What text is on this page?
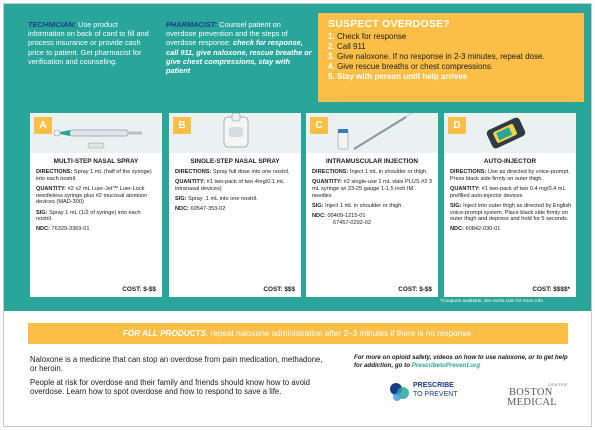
TECHNICIAN: Use product information on back of card to fill and process insurance or provide cash price to patient. Get pharmacist for verification and counseling.
PHARMACIST: Counsel patient on overdose prevention and the steps of overdose response: check for response, call 911, give naloxone, rescue breathe or give chest compressions, stay with patient
SUSPECT OVERDOSE?
1. Check for response
2. Call 911
3. Give naloxone. If no response in 2-3 minutes, repeat dose.
4. Give rescue breaths or chest compressions.
5. Stay with person until help arrives
A
MULTI-STEP NASAL SPRAY

DIRECTIONS: Spray 1 mL (half of the syringe) into each nostril.

QUANTITY: #2 x2 mL Luer-Jet™ Luer-Lock needleless syringe plus #2 mucosal atomizer devices (MAD-300)

SIG: Spray 1 mL (1/2 of syringe) into each nostril.

NDC: 76329-3369-01

COST: $-$$
B
SINGLE-STEP NASAL SPRAY

DIRECTIONS: Spray full dose into one nostril.

QUANTITY: #1 two-pack of two 4mg/0.1 mL intranasal devices)

SIG: Spray .1 mL into one nostril.

NDC: 69547-353-02

COST: $$$
C
INTRAMUSCULAR INJECTION

DIRECTIONS: Inject 1 mL in shoulder or thigh.

QUANTITY: #2 single-use 1 mL vials PLUS #2 3 mL syringe w/ 23-25 gauge 1-1.5 inch IM needles

SIG: Inject 1 mL in shoulder or thigh.

NDC: 00409-1215-01
67457-0292-02

COST: $-$$
D
AUTO-INJECTOR

DIRECTIONS: Use as directed by voice-prompt. Press black side firmly on outer thigh.

QUANTITY: #1 two-pack of two 0.4 mg/0.4 mL prefilled auto-injector devices

SIG: Inject into outer thigh as directed by English voice-prompt system. Place black side firmly on outer thigh and depress and hold for 5 seconds.

NDC: 60842-030-01

COST: $$$$*
*Coupons available, see evzio.com for more info
FOR ALL PRODUCTS, repeat naloxone administration after 2–3 minutes if there is no response.

Naloxone is a medicine that can stop an overdose from pain medication, methadone, or heroin.

People at risk for overdose and their family and friends should know how to avoid overdose. Learn how to spot overdose and how to respond to save a life.

For more on opioid safety, videos on how to use naloxone, or to get help for addiction, go to PrescribetoPrevent.org
PRESCRIBE
TO PREVENT
CENTER
BOSTON
MEDICAL
